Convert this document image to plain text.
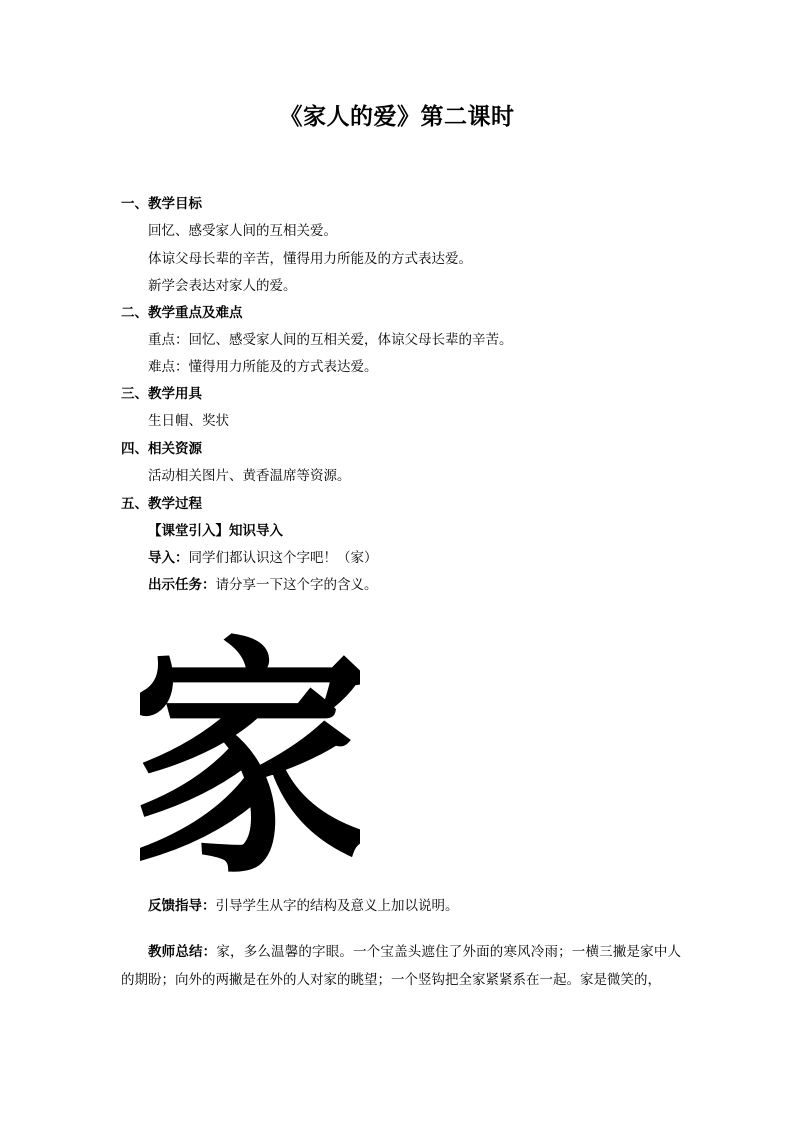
《家人的爱》第二课时
一、教学目标
回忆、感受家人间的互相关爱。
体谅父母长辈的辛苦，懂得用力所能及的方式表达爱。
新学会表达对家人的爱。
二、教学重点及难点
重点：回忆、感受家人间的互相关爱，体谅父母长辈的辛苦。
难点：懂得用力所能及的方式表达爱。
三、教学用具
生日帽、奖状
四、相关资源
活动相关图片、黄香温席等资源。
五、教学过程
【课堂引入】知识导入
导入：同学们都认识这个字吧！（家）
出示任务：请分享一下这个字的含义。
家
反馈指导：引导学生从字的结构及意义上加以说明。
教师总结：家，多么温馨的字眼。一个宝盖头遮住了外面的寒风冷雨；一横三撇是家中人的期盼；向外的两撇是在外的人对家的眺望；一个竖钩把全家紧紧系在一起。家是微笑的，
